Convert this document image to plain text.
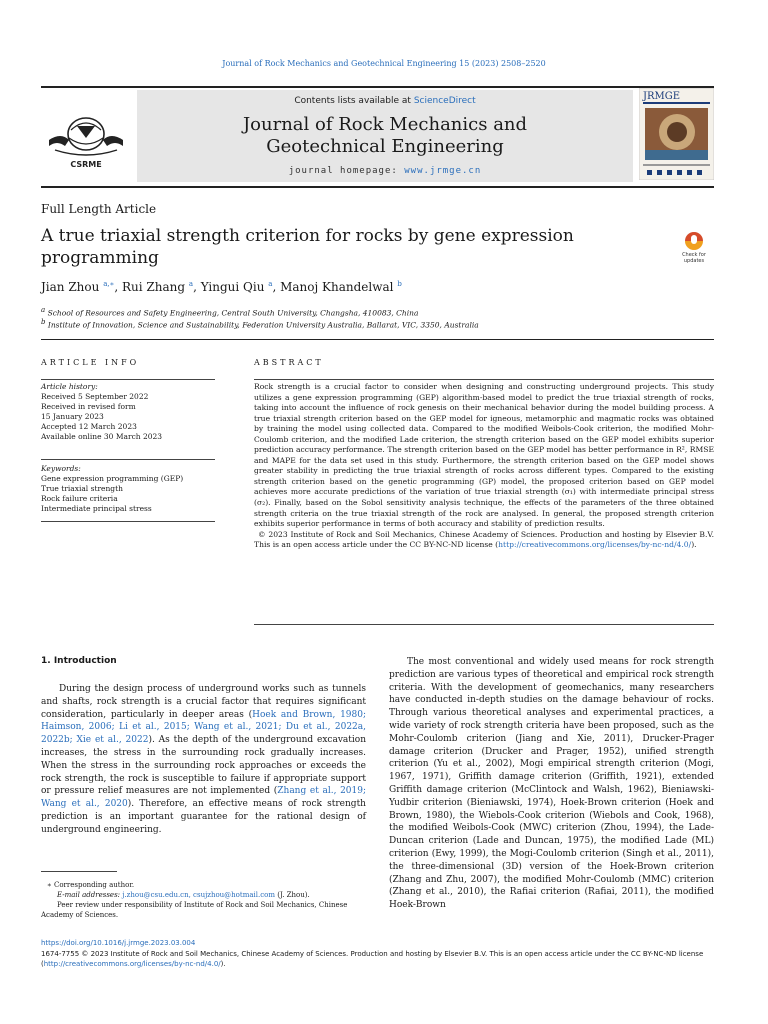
Journal of Rock Mechanics and Geotechnical Engineering 15 (2023) 2508–2520
CSRME
Contents lists available at ScienceDirect
Journal of Rock Mechanics and
Geotechnical Engineering
journal homepage: www.jrmge.cn
JRMGE
Full Length Article
A true triaxial strength criterion for rocks by gene expression programming	Check for
updates
Jian Zhou $^{a,∗}$, Rui Zhang $^a$, Yingui Qiu $^a$, Manoj Khandelwal $^b$
$^a$ School of Resources and Safety Engineering, Central South University, Changsha, 410083, China
$^b$ Institute of Innovation, Science and Sustainability, Federation University Australia, Ballarat, VIC, 3350, Australia
ARTICLE INFO	ABSTRACT
Article history:
Received 5 September 2022
Received in revised form
15 January 2023
Accepted 12 March 2023
Available online 30 March 2023
Keywords:
Gene expression programming (GEP)
True triaxial strength
Rock failure criteria
Intermediate principal stress
Rock strength is a crucial factor to consider when designing and constructing underground projects. This study utilizes a gene expression programming (GEP) algorithm-based model to predict the true triaxial strength of rocks, taking into account the influence of rock genesis on their mechanical behavior during the model building process. A true triaxial strength criterion based on the GEP model for igneous, metamorphic and magmatic rocks was obtained by training the model using collected data. Compared to the modified Weibols-Cook criterion, the modified Mohr-Coulomb criterion, and the modified Lade criterion, the strength criterion based on the GEP model exhibits superior prediction accuracy performance. The strength criterion based on the GEP model has better performance in R², RMSE and MAPE for the data set used in this study. Furthermore, the strength criterion based on the GEP model shows greater stability in predicting the true triaxial strength of rocks across different types. Compared to the existing strength criterion based on the genetic programming (GP) model, the proposed criterion based on GEP model achieves more accurate predictions of the variation of true triaxial strength (σ₁) with intermediate principal stress (σ₂). Finally, based on the Sobol sensitivity analysis technique, the effects of the parameters of the three obtained strength criteria on the true triaxial strength of the rock are analysed. In general, the proposed strength criterion exhibits superior performance in terms of both accuracy and stability of prediction results.
© 2023 Institute of Rock and Soil Mechanics, Chinese Academy of Sciences. Production and hosting by Elsevier B.V. This is an open access article under the CC BY-NC-ND license (http://creativecommons.org/licenses/by-nc-nd/4.0/).
1. Introduction
During the design process of underground works such as tunnels and shafts, rock strength is a crucial factor that requires significant consideration, particularly in deeper areas (Hoek and Brown, 1980; Haimson, 2006; Li et al., 2015; Wang et al., 2021; Du et al., 2022a, 2022b; Xie et al., 2022). As the depth of the underground excavation increases, the stress in the surrounding rock gradually increases. When the stress in the surrounding rock approaches or exceeds the rock strength, the rock is susceptible to failure if appropriate support or pressure relief measures are not implemented (Zhang et al., 2019; Wang et al., 2020). Therefore, an effective means of rock strength prediction is an important guarantee for the rational design of underground engineering.
The most conventional and widely used means for rock strength prediction are various types of theoretical and empirical rock strength criteria. With the development of geomechanics, many researchers have conducted in-depth studies on the damage behaviour of rocks. Through various theoretical analyses and experimental practices, a wide variety of rock strength criteria have been proposed, such as the Mohr-Coulomb criterion (Jiang and Xie, 2011), Drucker-Prager damage criterion (Drucker and Prager, 1952), unified strength criterion (Yu et al., 2002), Mogi empirical strength criterion (Mogi, 1967, 1971), Griffith damage criterion (Griffith, 1921), extended Griffith damage criterion (McClintock and Walsh, 1962), Bieniawski-Yudbir criterion (Bieniawski, 1974), Hoek-Brown criterion (Hoek and Brown, 1980), the Wiebols-Cook criterion (Wiebols and Cook, 1968), the modified Weibols-Cook (MWC) criterion (Zhou, 1994), the Lade-Duncan criterion (Lade and Duncan, 1975), the modified Lade (ML) criterion (Ewy, 1999), the Mogi-Coulomb criterion (Singh et al., 2011), the three-dimensional (3D) version of the Hoek-Brown criterion (Zhang and Zhu, 2007), the modified Mohr-Coulomb (MMC) criterion (Zhang et al., 2010), the Rafiai criterion (Rafiai, 2011), the modified Hoek-Brown
∗ Corresponding author.
E-mail addresses: j.zhou@csu.edu.cn, csujzhou@hotmail.com (J. Zhou).
Peer review under responsibility of Institute of Rock and Soil Mechanics, Chinese Academy of Sciences.
https://doi.org/10.1016/j.jrmge.2023.03.004
1674-7755 © 2023 Institute of Rock and Soil Mechanics, Chinese Academy of Sciences. Production and hosting by Elsevier B.V. This is an open access article under the CC BY-NC-ND license (http://creativecommons.org/licenses/by-nc-nd/4.0/).
